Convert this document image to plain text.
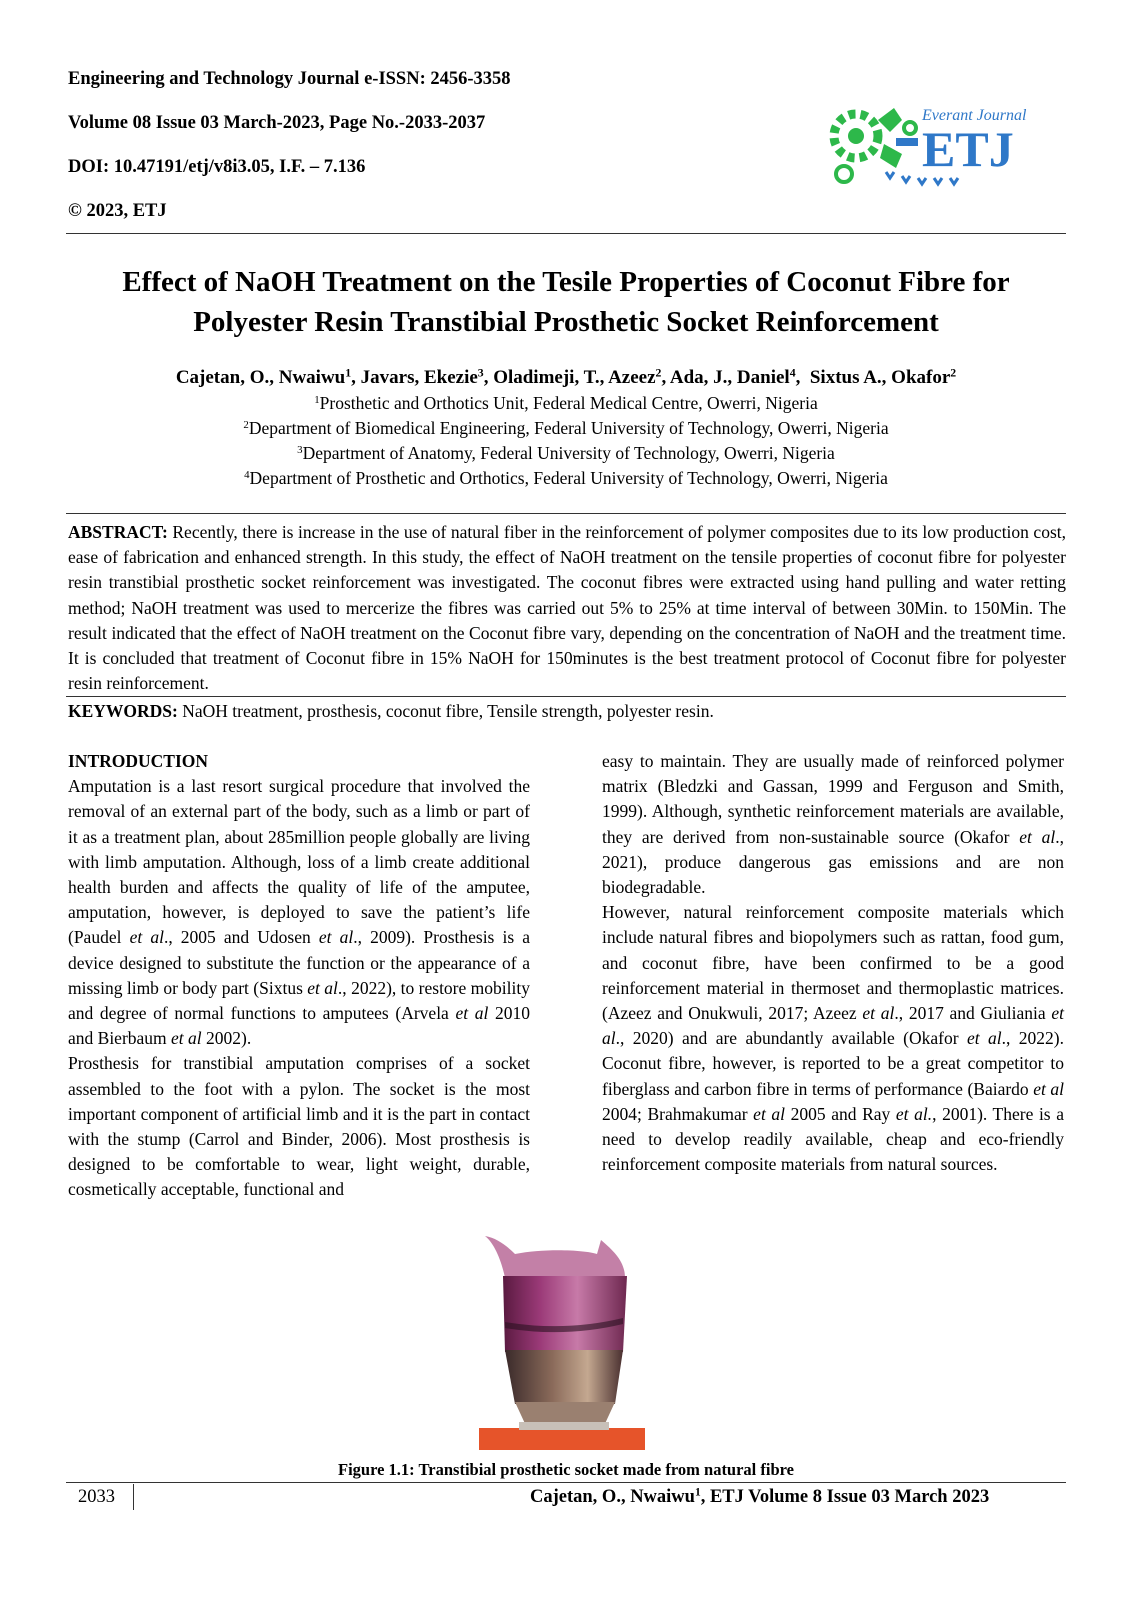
Engineering and Technology Journal e-ISSN: 2456-3358
Volume 08 Issue 03 March-2023, Page No.-2033-2037
DOI: 10.47191/etj/v8i3.05, I.F. – 7.136
© 2023, ETJ
Everant Journal
ETJ
Effect of NaOH Treatment on the Tesile Properties of Coconut Fibre for
Polyester Resin Transtibial Prosthetic Socket Reinforcement
Cajetan, O., Nwaiwu$^1$, Javars, Ekezie$^3$, Oladimeji, T., Azeez$^2$, Ada, J., Daniel$^4$,  Sixtus A., Okafor$^2$
$^1$Prosthetic and Orthotics Unit, Federal Medical Centre, Owerri, Nigeria
$^2$Department of Biomedical Engineering, Federal University of Technology, Owerri, Nigeria
$^3$Department of Anatomy, Federal University of Technology, Owerri, Nigeria
$^4$Department of Prosthetic and Orthotics, Federal University of Technology, Owerri, Nigeria
ABSTRACT: Recently, there is increase in the use of natural fiber in the reinforcement of polymer composites due to its low production cost, ease of fabrication and enhanced strength. In this study, the effect of NaOH treatment on the tensile properties of coconut fibre for polyester resin transtibial prosthetic socket reinforcement was investigated. The coconut fibres were extracted using hand pulling and water retting method; NaOH treatment was used to mercerize the fibres was carried out 5% to 25% at time interval of between 30Min. to 150Min. The result indicated that the effect of NaOH treatment on the Coconut fibre vary, depending on the concentration of NaOH and the treatment time. It is concluded that treatment of Coconut fibre in 15% NaOH for 150minutes is the best treatment protocol of Coconut fibre for polyester resin reinforcement.
KEYWORDS: NaOH treatment, prosthesis, coconut fibre, Tensile strength, polyester resin.

INTRODUCTION

Amputation is a last resort surgical procedure that involved the removal of an external part of the body, such as a limb or part of it as a treatment plan, about 285million people globally are living with limb amputation. Although, loss of a limb create additional health burden and affects the quality of life of the amputee, amputation, however, is deployed to save the patient’s life (Paudel et al., 2005 and Udosen et al., 2009). Prosthesis is a device designed to substitute the function or the appearance of a missing limb or body part (Sixtus et al., 2022), to restore mobility and degree of normal functions to amputees (Arvela et al 2010 and Bierbaum et al 2002).

Prosthesis for transtibial amputation comprises of a socket assembled to the foot with a pylon. The socket is the most important component of artificial limb and it is the part in contact with the stump (Carrol and Binder, 2006). Most prosthesis is designed to be comfortable to wear, light weight, durable, cosmetically acceptable, functional and

easy to maintain. They are usually made of reinforced polymer matrix (Bledzki and Gassan, 1999 and Ferguson and Smith, 1999). Although, synthetic reinforcement materials are available, they are derived from non-sustainable source (Okafor et al., 2021), produce dangerous gas emissions and are non biodegradable.

However, natural reinforcement composite materials which include natural fibres and biopolymers such as rattan, food gum, and coconut fibre, have been confirmed to be a good reinforcement material in thermoset and thermoplastic matrices. (Azeez and Onukwuli, 2017; Azeez et al., 2017 and Giuliania et al., 2020) and are abundantly available (Okafor et al., 2022). Coconut fibre, however, is reported to be a great competitor to fiberglass and carbon fibre in terms of performance (Baiardo et al 2004; Brahmakumar et al 2005 and Ray et al., 2001). There is a need to develop readily available, cheap and eco-friendly reinforcement composite materials from natural sources.

Figure 1.1: Transtibial prosthetic socket made from natural fibre
2033	Cajetan, O., Nwaiwu$^1$, ETJ Volume 8 Issue 03 March 2023
